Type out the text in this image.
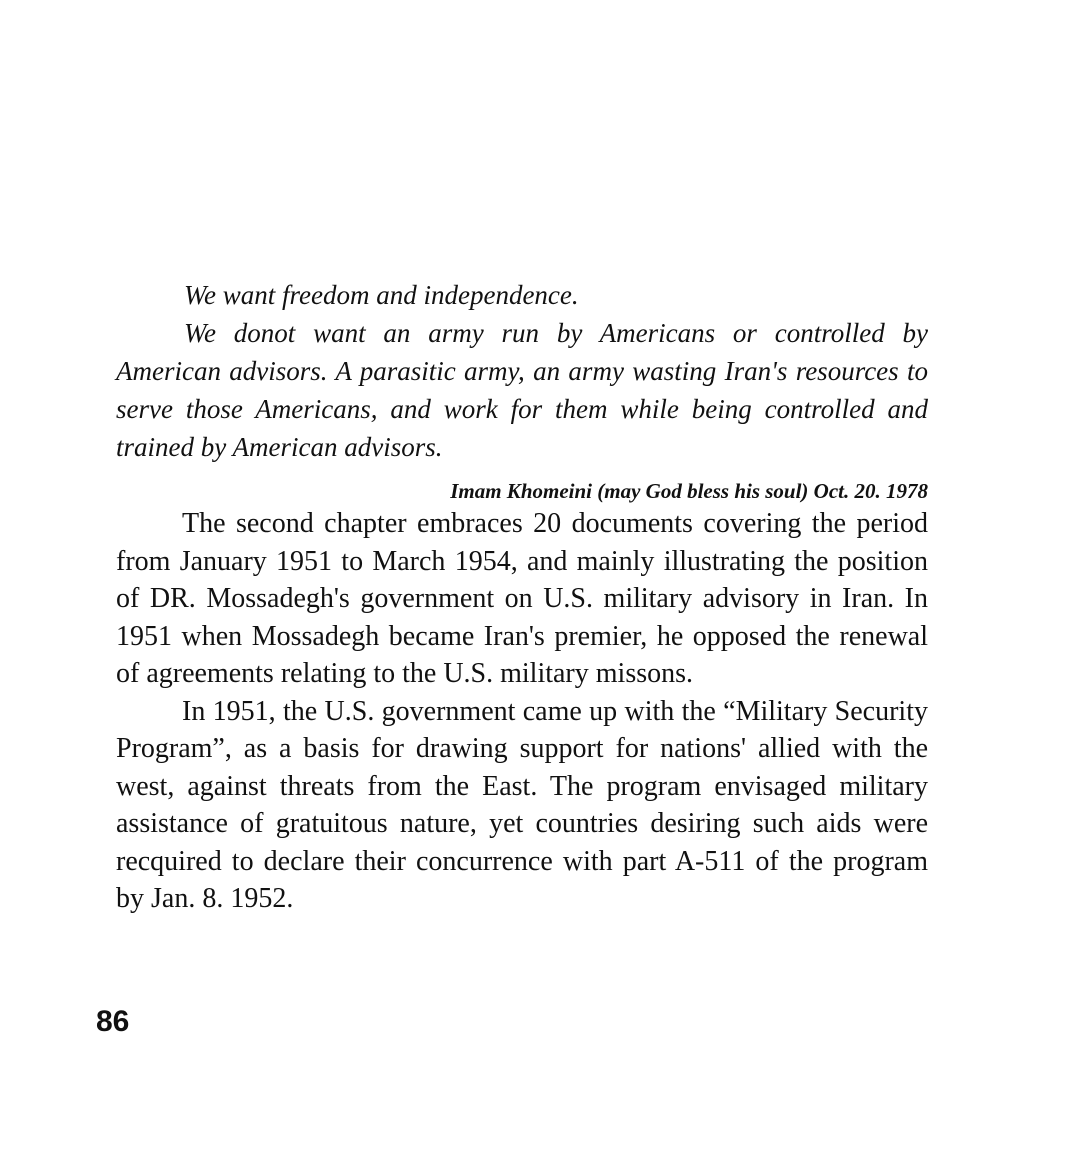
We want freedom and independence.

We donot want an army run by Americans or controlled by American advisors. A parasitic army, an army wasting Iran's resources to serve those Americans, and work for them while being controlled and trained by American advisors.

Imam Khomeini (may God bless his soul) Oct. 20. 1978

The second chapter embraces 20 documents covering the period from January 1951 to March 1954, and mainly illustrating the position of DR. Mossadegh's government on U.S. military advisory in Iran. In 1951 when Mossadegh became Iran's premier, he opposed the renewal of agreements relating to the U.S. military missons.

In 1951, the U.S. government came up with the “Military Security Program”, as a basis for drawing support for nations' allied with the west, against threats from the East. The program envisaged military assistance of gratuitous nature, yet countries desiring such aids were recquired to declare their concurrence with part A-511 of the program by Jan. 8. 1952.

86
